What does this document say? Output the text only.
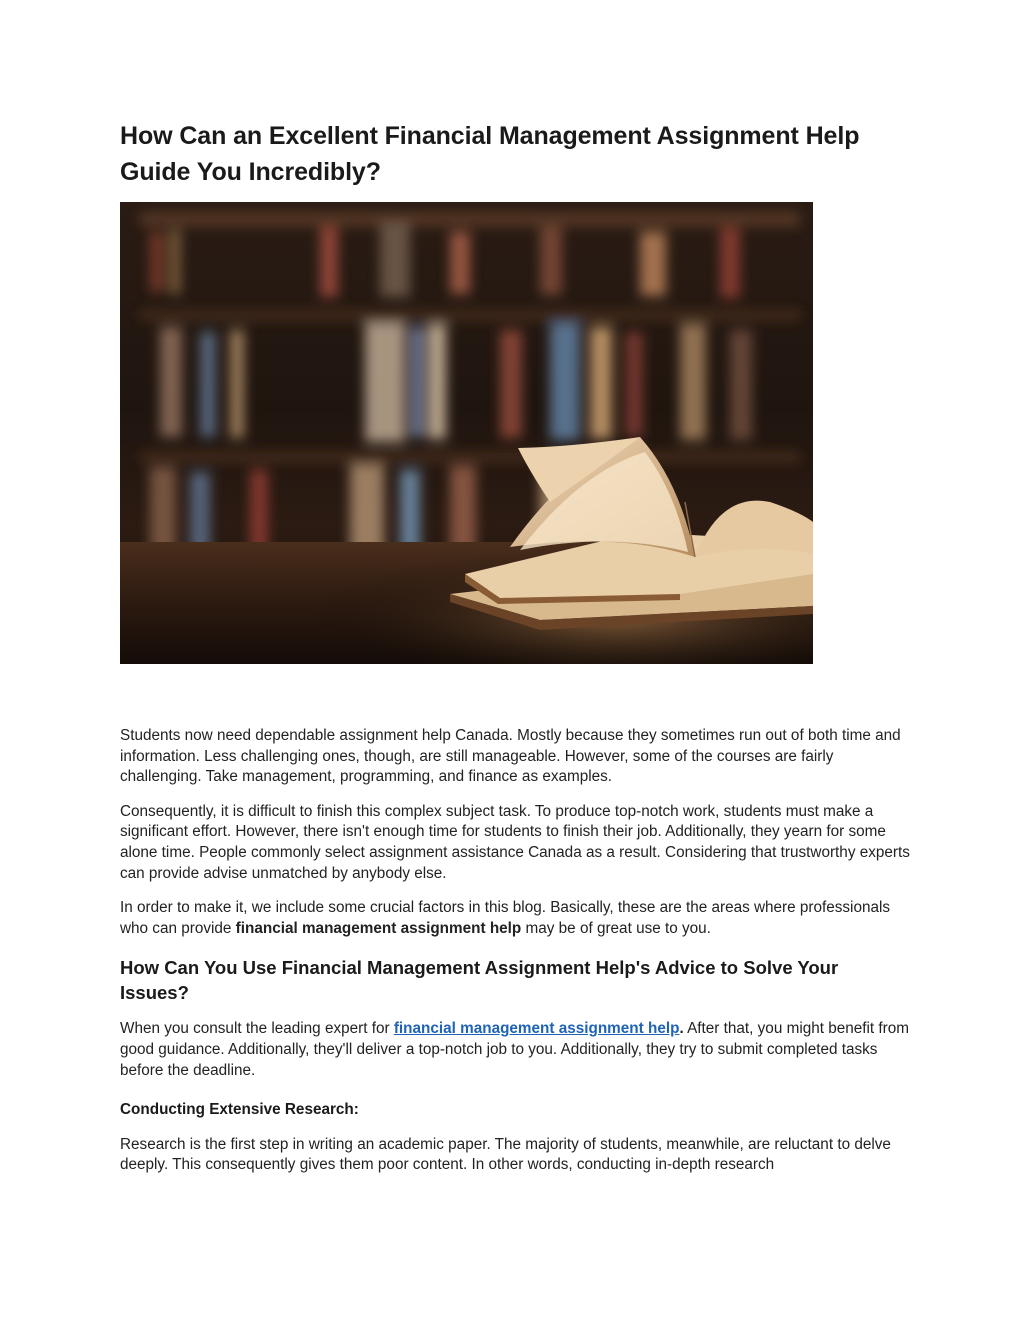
How Can an Excellent Financial Management Assignment Help Guide You Incredibly?

Students now need dependable assignment help Canada. Mostly because they sometimes run out of both time and information. Less challenging ones, though, are still manageable. However, some of the courses are fairly challenging. Take management, programming, and finance as examples.

Consequently, it is difficult to finish this complex subject task. To produce top-notch work, students must make a significant effort. However, there isn't enough time for students to finish their job. Additionally, they yearn for some alone time. People commonly select assignment assistance Canada as a result. Considering that trustworthy experts can provide advise unmatched by anybody else.

In order to make it, we include some crucial factors in this blog. Basically, these are the areas where professionals who can provide financial management assignment help may be of great use to you.

How Can You Use Financial Management Assignment Help's Advice to Solve Your Issues?

When you consult the leading expert for financial management assignment help. After that, you might benefit from good guidance. Additionally, they'll deliver a top-notch job to you. Additionally, they try to submit completed tasks before the deadline.

Conducting Extensive Research:

Research is the first step in writing an academic paper. The majority of students, meanwhile, are reluctant to delve deeply. This consequently gives them poor content. In other words, conducting in-depth research
